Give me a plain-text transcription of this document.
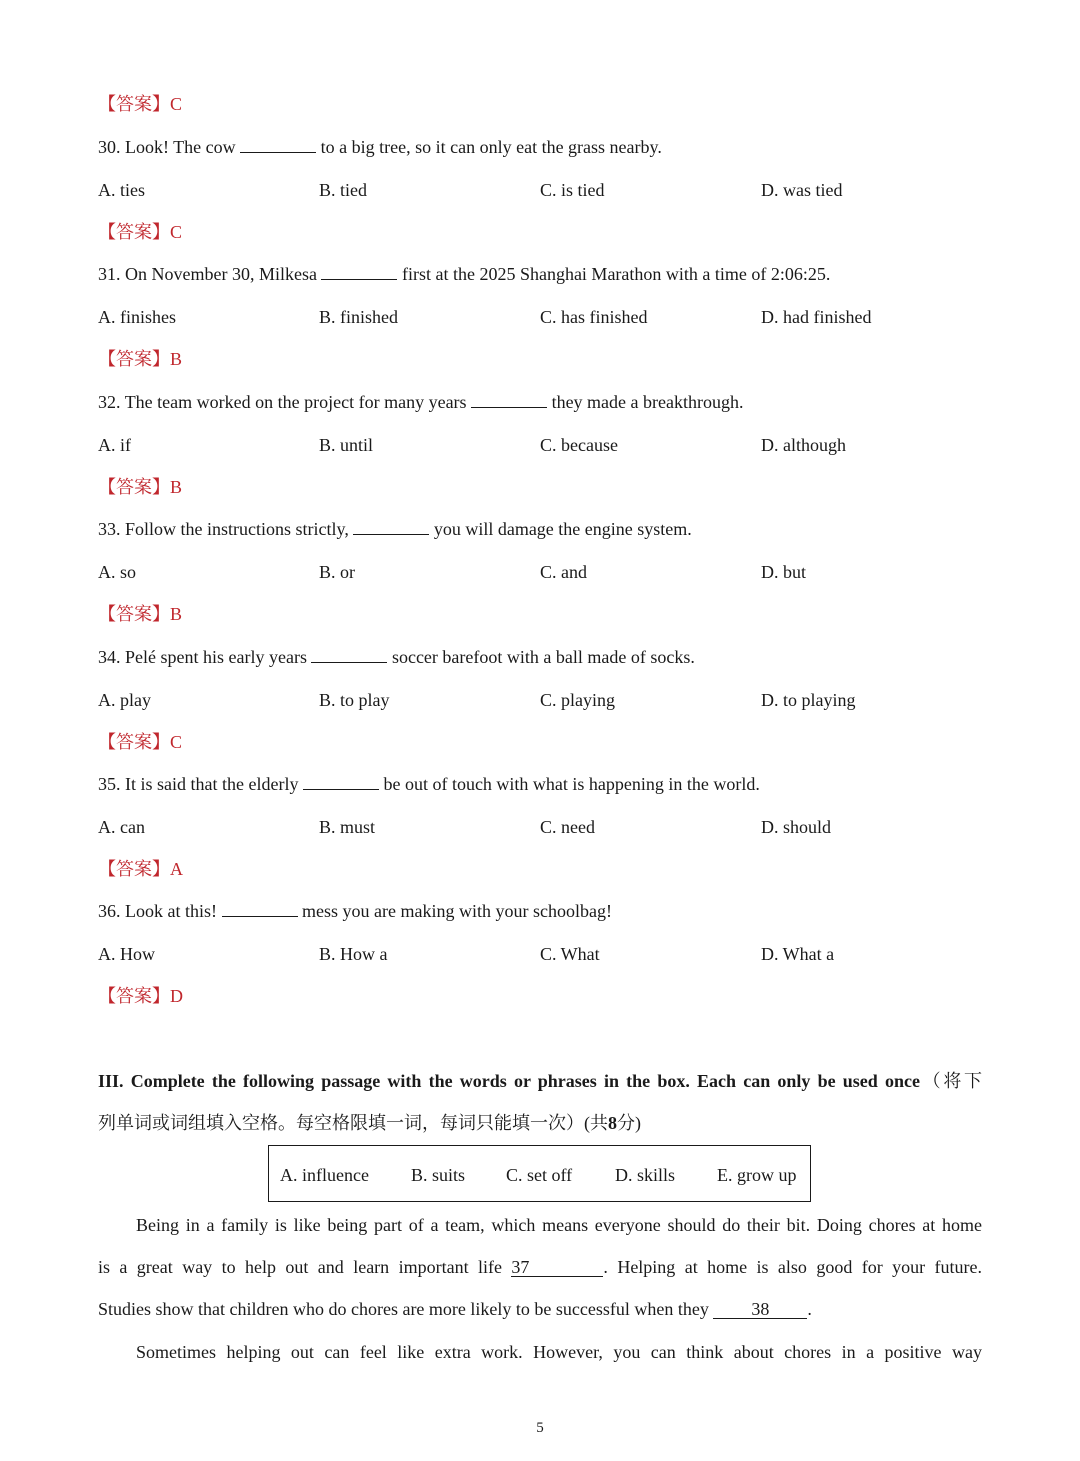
【答案】C
30. Look! The cow	to a big tree, so it can only eat the grass nearby.
A. ties	B. tied	C. is tied	D. was tied
【答案】C
31. On November 30, Milkesa	first at the 2025 Shanghai Marathon with a time of 2:06:25.
A. finishes	B. finished	C. has finished	D. had finished
【答案】B
32. The team worked on the project for many years	they made a breakthrough.
A. if	B. until	C. because	D. although
【答案】B
33. Follow the instructions strictly,	you will damage the engine system.
A. so	B. or	C. and	D. but
【答案】B
34. Pelé spent his early years	soccer barefoot with a ball made of socks.
A. play	B. to play	C. playing	D. to playing
【答案】C
35. It is said that the elderly	be out of touch with what is happening in the world.
A. can	B. must	C. need	D. should
【答案】A
36. Look at this!	mess you are making with your schoolbag!
A. How	B. How a	C. What	D. What a
【答案】D
III. Complete the following passage with the words or phrases in the box. Each can only be used once（将下
列单词或词组填入空格。每空格限填一词，每词只能填一次）(共8分)
A. influence B. suits C. set off D. skills E. grow up
Being in a family is like being part of a team, which means everyone should do their bit. Doing chores at home
is a great way to help out and learn important life 37	. Helping at home is also good for your future.
Studies show that children who do chores are more likely to be successful when they 38 .
Sometimes helping out can feel like extra work. However, you can think about chores in a positive way
5
